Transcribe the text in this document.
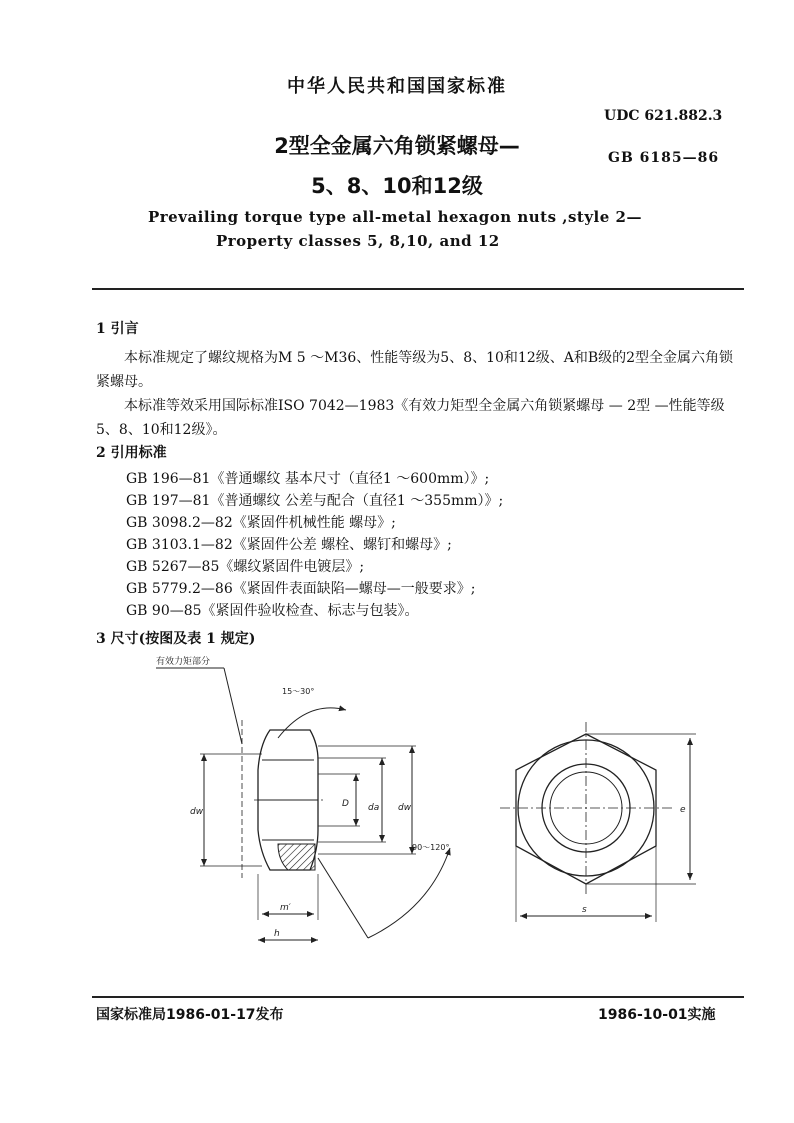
中华人民共和国国家标准
UDC 621.882.3
GB 6185—86
2型全金属六角锁紧螺母—
5、8、10和12级
Prevailing torque type all-metal hexagon nuts ,style 2—
Property classes 5, 8,10, and 12
1 引言
本标准规定了螺纹规格为M 5 ～M36、性能等级为5、8、10和12级、A和B级的2型全金属六角锁紧螺母。
本标准等效采用国际标准ISO 7042—1983《有效力矩型全金属六角锁紧螺母 — 2型 —性能等级 5、8、10和12级》。
2 引用标准
GB 196—81《普通螺纹 基本尺寸（直径1 ～600mm）》;
GB 197—81《普通螺纹 公差与配合（直径1 ～355mm）》;
GB 3098.2—82《紧固件机械性能 螺母》;
GB 3103.1—82《紧固件公差 螺栓、螺钉和螺母》;
GB 5267—85《螺纹紧固件电镀层》;
GB 5779.2—86《紧固件表面缺陷—螺母—一般要求》;
GB 90—85《紧固件验收检查、标志与包装》。
3 尺寸(按图及表 1 规定)
有效力矩部分
15～30°
90～120°
dw
D da dw
m′
h
e
s
国家标准局1986-01-17发布	1986-10-01实施
